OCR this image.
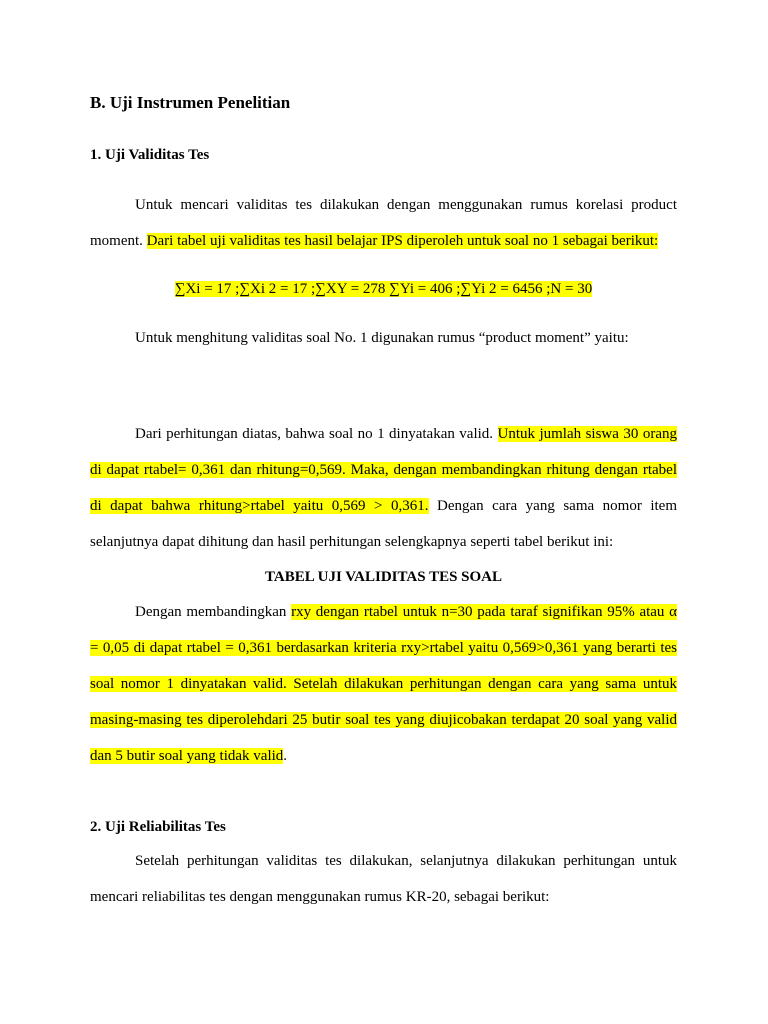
B. Uji Instrumen Penelitian
1. Uji Validitas Tes

Untuk mencari validitas tes dilakukan dengan menggunakan rumus korelasi product moment. Dari tabel uji validitas tes hasil belajar IPS diperoleh untuk soal no 1 sebagai berikut:

∑Xi = 17 ;∑Xi 2 = 17 ;∑XY = 278 ∑Yi = 406 ;∑Yi 2 = 6456 ;N = 30

Untuk menghitung validitas soal No. 1 digunakan rumus “product moment” yaitu:

Dari perhitungan diatas, bahwa soal no 1 dinyatakan valid. Untuk jumlah siswa 30 orang di dapat rtabel= 0,361 dan rhitung=0,569. Maka, dengan membandingkan rhitung dengan rtabel di dapat bahwa rhitung>rtabel yaitu 0,569 > 0,361. Dengan cara yang sama nomor item selanjutnya dapat dihitung dan hasil perhitungan selengkapnya seperti tabel berikut ini:

TABEL UJI VALIDITAS TES SOAL

Dengan membandingkan rxy dengan rtabel untuk n=30 pada taraf signifikan 95% atau α = 0,05 di dapat rtabel = 0,361 berdasarkan kriteria rxy>rtabel yaitu 0,569>0,361 yang berarti tes soal nomor 1 dinyatakan valid. Setelah dilakukan perhitungan dengan cara yang sama untuk masing-masing tes diperolehdari 25 butir soal tes yang diujicobakan terdapat 20 soal yang valid dan 5 butir soal yang tidak valid.

2. Uji Reliabilitas Tes

Setelah perhitungan validitas tes dilakukan, selanjutnya dilakukan perhitungan untuk mencari reliabilitas tes dengan menggunakan rumus KR-20, sebagai berikut:
